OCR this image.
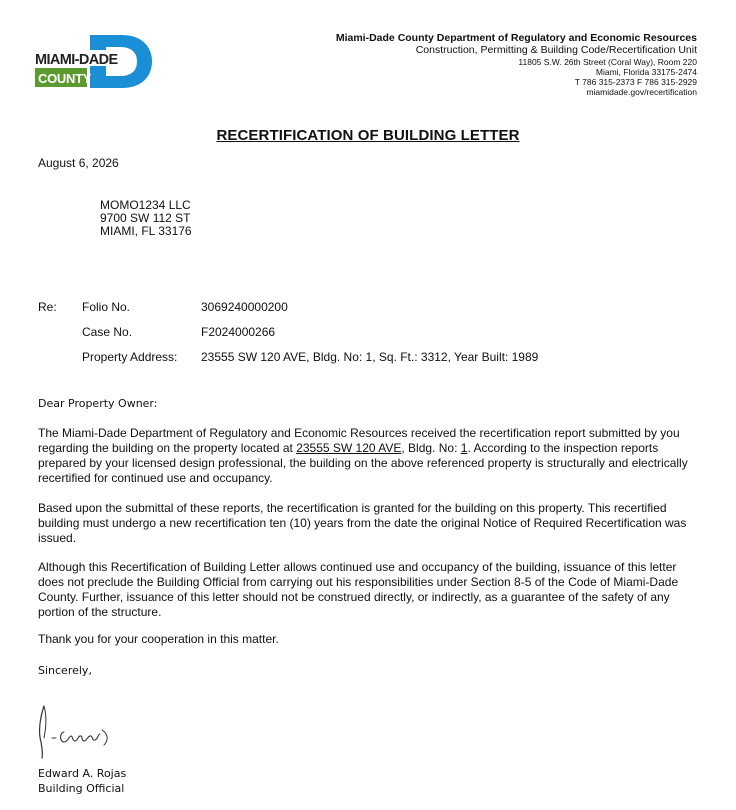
MIAMI-DADE
COUNTY
Miami-Dade County Department of Regulatory and Economic Resources
Construction, Permitting & Building Code/Recertification Unit
11805 S.W. 26th Street (Coral Way), Room 220
Miami, Florida 33175-2474
T 786 315-2373 F 786 315-2929
miamidade.gov/recertification
RECERTIFICATION OF BUILDING LETTER
August 6, 2026
MOMO1234 LLC
9700 SW 112 ST
MIAMI, FL 33176
Re: Folio No.	3069240000200
Case No.	F2024000266
Property Address: 23555 SW 120 AVE, Bldg. No: 1, Sq. Ft.: 3312, Year Built: 1989
Dear Property Owner:
The Miami-Dade Department of Regulatory and Economic Resources received the recertification report submitted by you regarding the building on the property located at 23555 SW 120 AVE, Bldg. No: 1. According to the inspection reports prepared by your licensed design professional, the building on the above referenced property is structurally and electrically recertified for continued use and occupancy.
Based upon the submittal of these reports, the recertification is granted for the building on this property. This recertified building must undergo a new recertification ten (10) years from the date the original Notice of Required Recertification was issued.
Although this Recertification of Building Letter allows continued use and occupancy of the building, issuance of this letter does not preclude the Building Official from carrying out his responsibilities under Section 8-5 of the Code of Miami-Dade County. Further, issuance of this letter should not be construed directly, or indirectly, as a guarantee of the safety of any portion of the structure.
Thank you for your cooperation in this matter.
Sincerely,
Edward A. Rojas
Building Official
